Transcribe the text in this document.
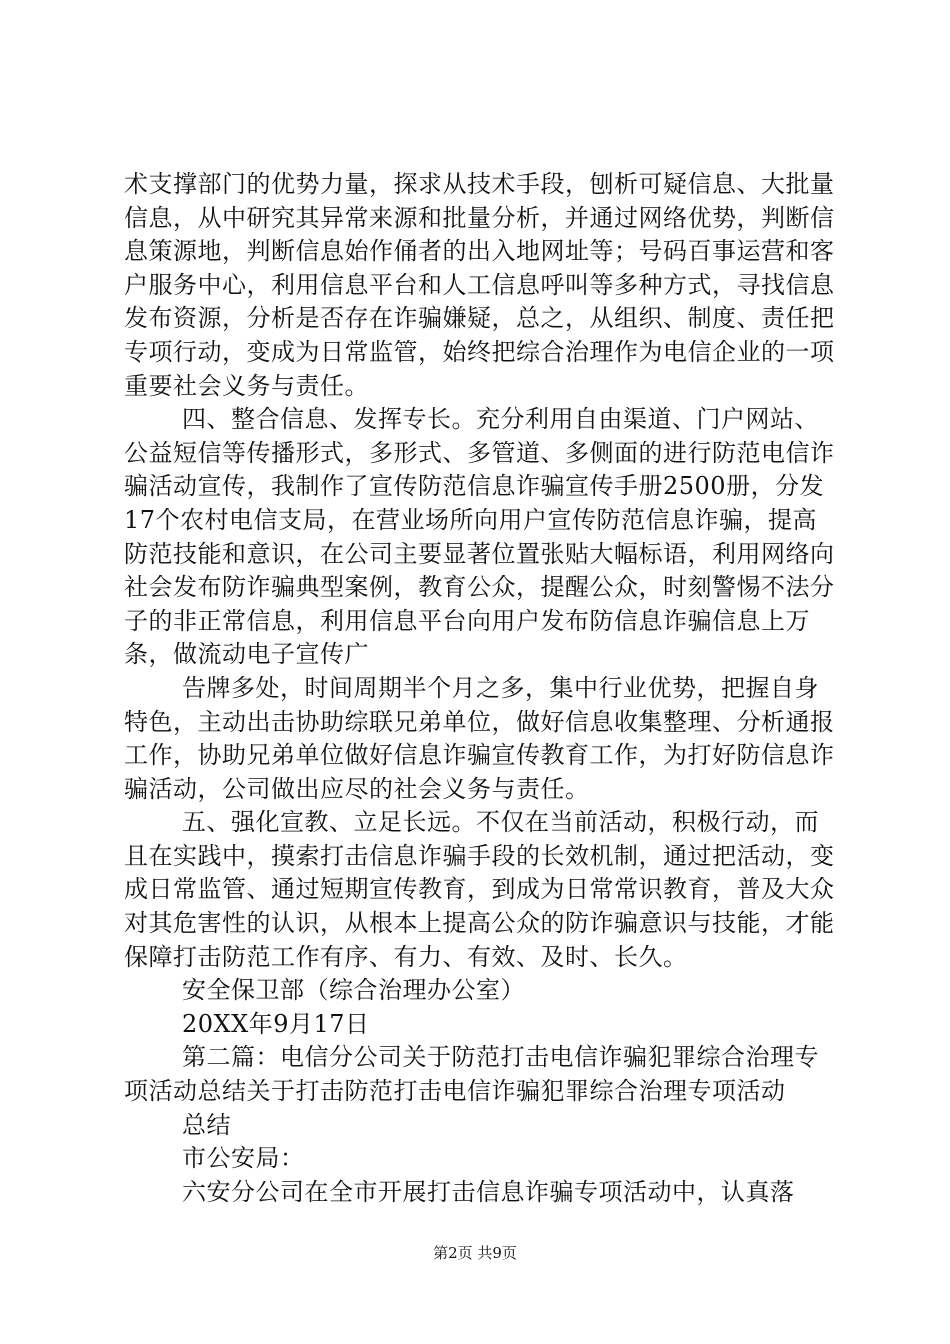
术支撑部门的优势力量，探求从技术手段，刨析可疑信息、大批量信息，从中研究其异常来源和批量分析，并通过网络优势，判断信息策源地，判断信息始作俑者的出入地网址等；号码百事运营和客户服务中心，利用信息平台和人工信息呼叫等多种方式，寻找信息发布资源，分析是否存在诈骗嫌疑，总之，从组织、制度、责任把专项行动，变成为日常监管，始终把综合治理作为电信企业的一项重要社会义务与责任。

四、整合信息、发挥专长。充分利用自由渠道、门户网站、公益短信等传播形式，多形式、多管道、多侧面的进行防范电信诈骗活动宣传，我制作了宣传防范信息诈骗宣传手册2500册，分发17个农村电信支局，在营业场所向用户宣传防范信息诈骗，提高防范技能和意识，在公司主要显著位置张贴大幅标语，利用网络向社会发布防诈骗典型案例，教育公众，提醒公众，时刻警惕不法分子的非正常信息，利用信息平台向用户发布防信息诈骗信息上万条，做流动电子宣传广

告牌多处，时间周期半个月之多，集中行业优势，把握自身特色，主动出击协助综联兄弟单位，做好信息收集整理、分析通报工作，协助兄弟单位做好信息诈骗宣传教育工作，为打好防信息诈骗活动，公司做出应尽的社会义务与责任。

五、强化宣教、立足长远。不仅在当前活动，积极行动，而且在实践中，摸索打击信息诈骗手段的长效机制，通过把活动，变成日常监管、通过短期宣传教育，到成为日常常识教育，普及大众对其危害性的认识，从根本上提高公众的防诈骗意识与技能，才能保障打击防范工作有序、有力、有效、及时、长久。

安全保卫部（综合治理办公室）

20XX年9月17日

第二篇：电信分公司关于防范打击电信诈骗犯罪综合治理专项活动总结关于打击防范打击电信诈骗犯罪综合治理专项活动

总结

市公安局：

六安分公司在全市开展打击信息诈骗专项活动中，认真落

第2页 共9页
